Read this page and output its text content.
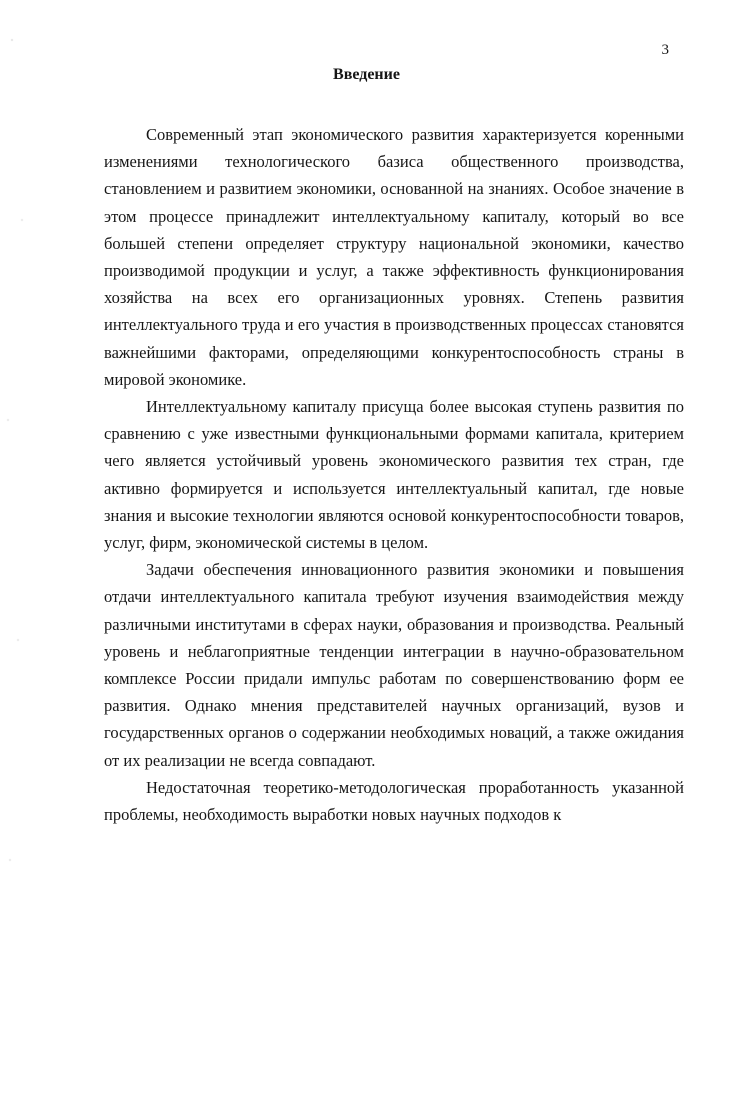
3
Введение

Современный этап экономического развития характеризуется коренными изменениями технологического базиса общественного производства, становлением и развитием экономики, основанной на знаниях. Особое значение в этом процессе принадлежит интеллектуальному капиталу, который во все большей степени определяет структуру национальной экономики, качество производимой продукции и услуг, а также эффективность функционирования хозяйства на всех его организационных уровнях. Степень развития интеллектуального труда и его участия в производственных процессах становятся важнейшими факторами, определяющими конкурентоспособность страны в мировой экономике.

Интеллектуальному капиталу присуща более высокая ступень развития по сравнению с уже известными функциональными формами капитала, критерием чего является устойчивый уровень экономического развития тех стран, где активно формируется и используется интеллектуальный капитал, где новые знания и высокие технологии являются основой конкурентоспособности товаров, услуг, фирм, экономической системы в целом.

Задачи обеспечения инновационного развития экономики и повышения отдачи интеллектуального капитала требуют изучения взаимодействия между различными институтами в сферах науки, образования и производства. Реальный уровень и неблагоприятные тенденции интеграции в научно-образовательном комплексе России придали импульс работам по совершенствованию форм ее развития. Однако мнения представителей научных организаций, вузов и государственных органов о содержании необходимых новаций, а также ожидания от их реализации не всегда совпадают.

Недостаточная теоретико-методологическая проработанность указанной проблемы, необходимость выработки новых научных подходов к
